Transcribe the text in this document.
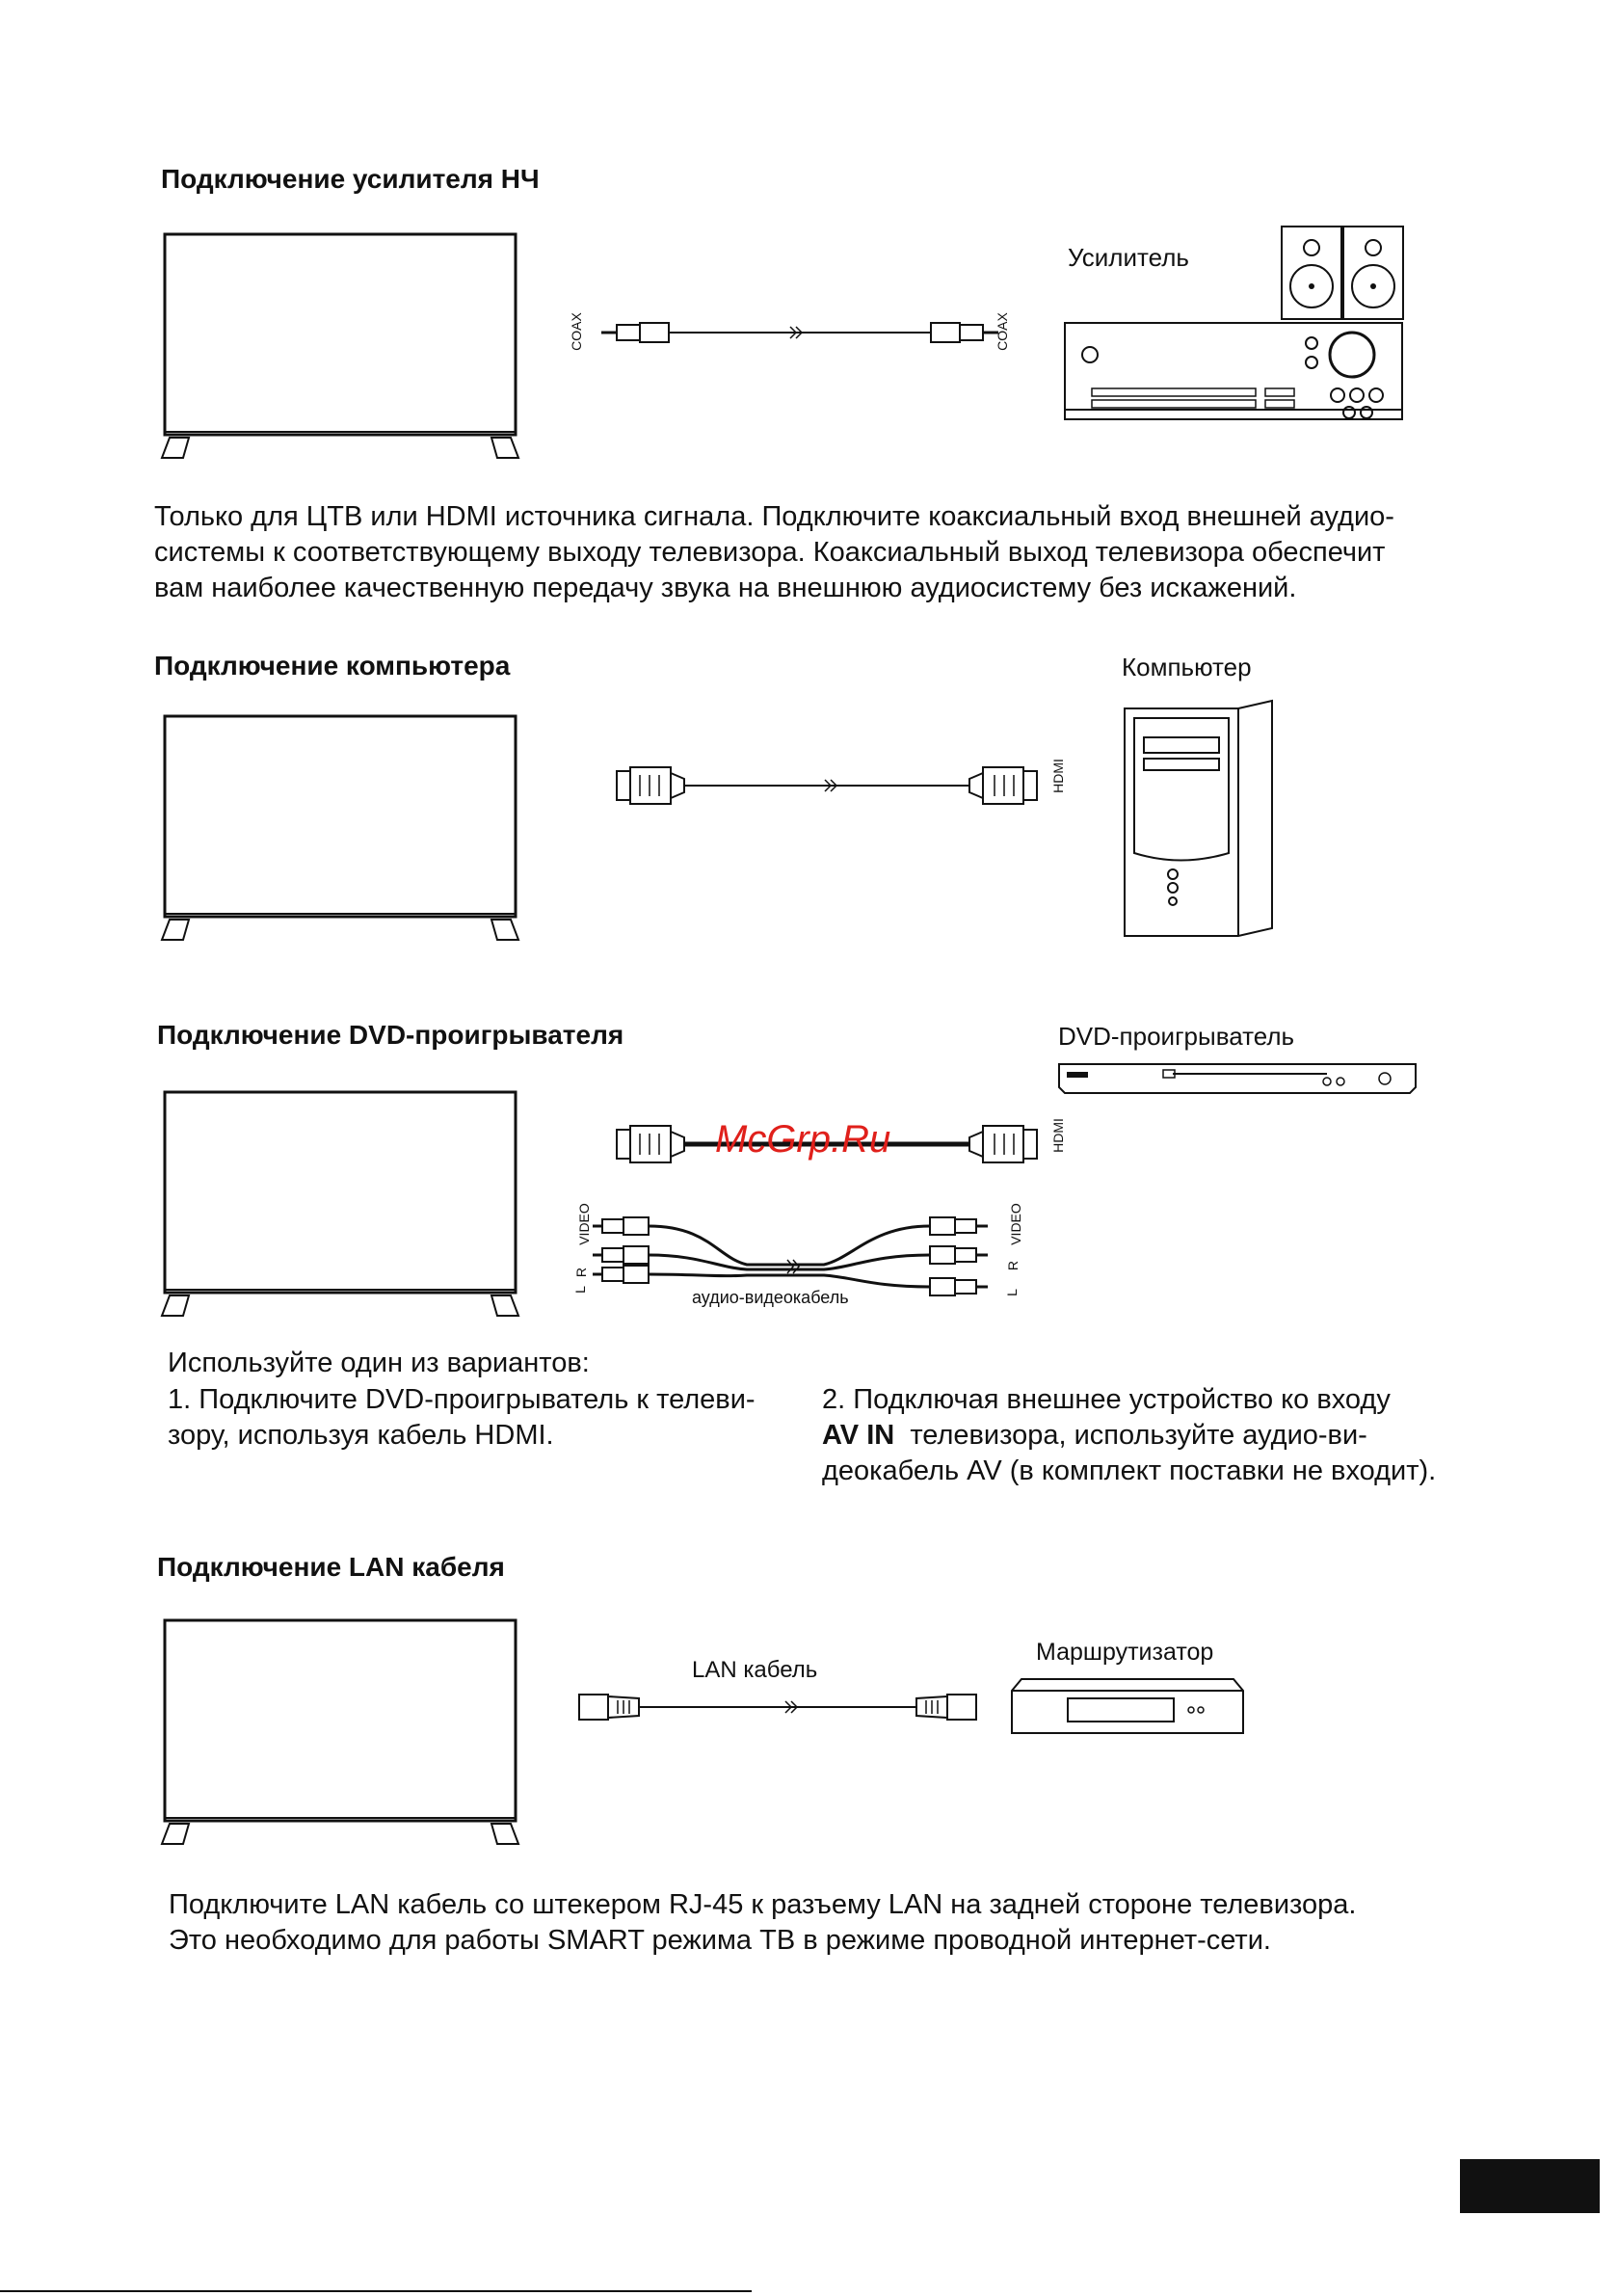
Подключение усилителя НЧ
COAX	COAX
Усилитель
Только для ЦТВ или HDMI источника сигнала. Подключите коаксиальный вход внешней аудио-
системы к соответствующему выходу телевизора. Коаксиальный выход телевизора обеспечит
вам наиболее качественную передачу звука на внешнюю аудиосистему без искажений.
Подключение компьютера
HDMI
Компьютер
Подключение DVD-проигрывателя
HDMI
McGrp.Ru
VIDEO
R
L
VIDEO
R
L
аудио-видеокабель
DVD-проигрыватель
Используйте один из вариантов:
1. Подключите DVD-проигрыватель к телеви-
зору, используя кабель HDMI.
2. Подключая внешнее устройство ко входу
AV IN  телевизора, используйте аудио-ви-
деокабель AV (в комплект поставки не входит).
Подключение LAN кабеля
LAN кабель
Маршрутизатор
Подключите LAN кабель со штекером RJ-45 к разъему LAN на задней стороне телевизора.
Это необходимо для работы SMART режима ТВ в режиме проводной интернет-сети.
